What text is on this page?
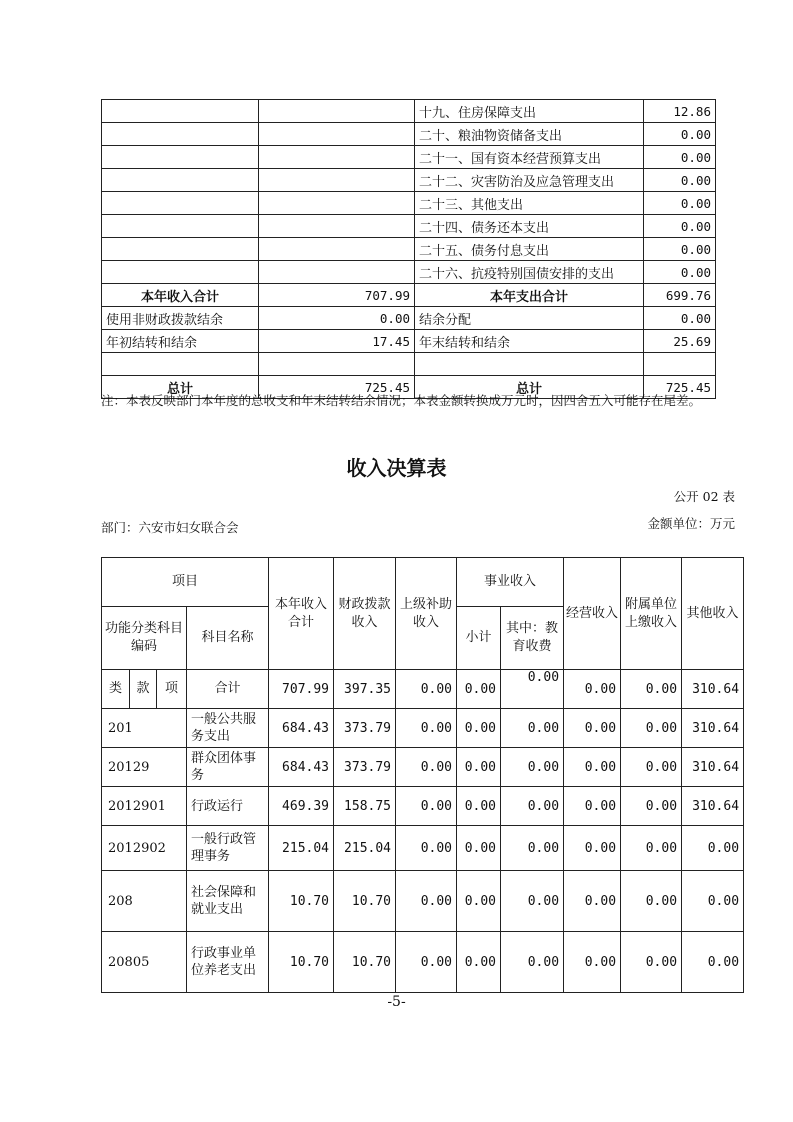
		十九、住房保障支出	12.86
		二十、粮油物资储备支出	0.00
		二十一、国有资本经营预算支出	0.00
		二十二、灾害防治及应急管理支出	0.00
		二十三、其他支出	0.00
		二十四、债务还本支出	0.00
		二十五、债务付息支出	0.00
		二十六、抗疫特别国债安排的支出	0.00
本年收入合计	707.99	本年支出合计	699.76
使用非财政拨款结余	0.00	结余分配	0.00
年初结转和结余	17.45	年末结转和结余	25.69

总计	725.45	总计	725.45
注：本表反映部门本年度的总收支和年末结转结余情况；本表金额转换成万元时，因四舍五入可能存在尾差。
收入决算表
公开 02 表
部门：六安市妇女联合会	金额单位：万元
项目				本年收入合计	财政拨款收入	上级补助收入	事业收入		经营收入	附属单位上缴收入	其他收入
功能分类科目编码			科目名称				小计	其中：教育收费			

类	款	项	合计	707.99	397.35	0.00	0.00	0.00	0.00	0.00	310.64
201			一般公共服务支出	684.43	373.79	0.00	0.00	0.00	0.00	0.00	310.64
20129			群众团体事务	684.43	373.79	0.00	0.00	0.00	0.00	0.00	310.64
2012901			行政运行	469.39	158.75	0.00	0.00	0.00	0.00	0.00	310.64
2012902			一般行政管理事务	215.04	215.04	0.00	0.00	0.00	0.00	0.00	0.00
208			社会保障和就业支出	10.70	10.70	0.00	0.00	0.00	0.00	0.00	0.00
20805			行政事业单位养老支出	10.70	10.70	0.00	0.00	0.00	0.00	0.00	0.00
-5-
